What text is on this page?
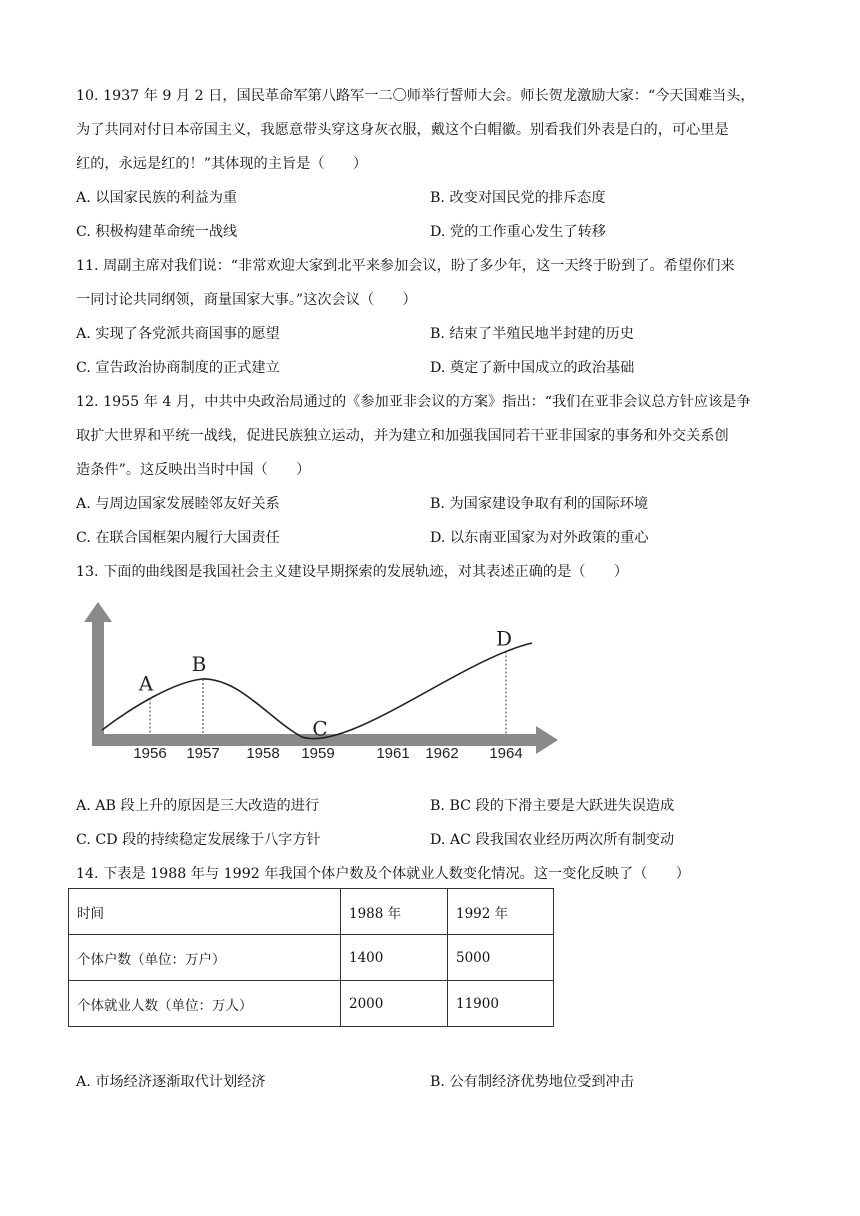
10. 1937 年 9 月 2 日，国民革命军第八路军一二〇师举行誓师大会。师长贺龙激励大家：“今天国难当头，
为了共同对付日本帝国主义，我愿意带头穿这身灰衣服，戴这个白帽徽。别看我们外表是白的，可心里是
红的，永远是红的！”其体现的主旨是（　　）
A. 以国家民族的利益为重	B. 改变对国民党的排斥态度
C. 积极构建革命统一战线	D. 党的工作重心发生了转移
11. 周副主席对我们说：“非常欢迎大家到北平来参加会议，盼了多少年，这一天终于盼到了。希望你们来
一同讨论共同纲领，商量国家大事。”这次会议（　　）
A. 实现了各党派共商国事的愿望	B. 结束了半殖民地半封建的历史
C. 宣告政治协商制度的正式建立	D. 奠定了新中国成立的政治基础
12. 1955 年 4 月，中共中央政治局通过的《参加亚非会议的方案》指出：“我们在亚非会议总方针应该是争
取扩大世界和平统一战线，促进民族独立运动，并为建立和加强我国同若干亚非国家的事务和外交关系创
造条件”。这反映出当时中国（　　）
A. 与周边国家发展睦邻友好关系	B. 为国家建设争取有利的国际环境
C. 在联合国框架内履行大国责任	D. 以东南亚国家为对外政策的重心
13. 下面的曲线图是我国社会主义建设早期探索的发展轨迹，对其表述正确的是（　　）
1956 1957 1958 1959	1961 1962 1964
A
B
C
D
A. AB 段上升的原因是三大改造的进行	B. BC 段的下滑主要是大跃进失误造成
C. CD 段的持续稳定发展缘于八字方针	D. AC 段我国农业经历两次所有制变动
14. 下表是 1988 年与 1992 年我国个体户数及个体就业人数变化情况。这一变化反映了（　　）
时间	1988 年	1992 年
个体户数（单位：万户）	1400	5000
个体就业人数（单位：万人）	2000	11900
A. 市场经济逐渐取代计划经济	B. 公有制经济优势地位受到冲击
